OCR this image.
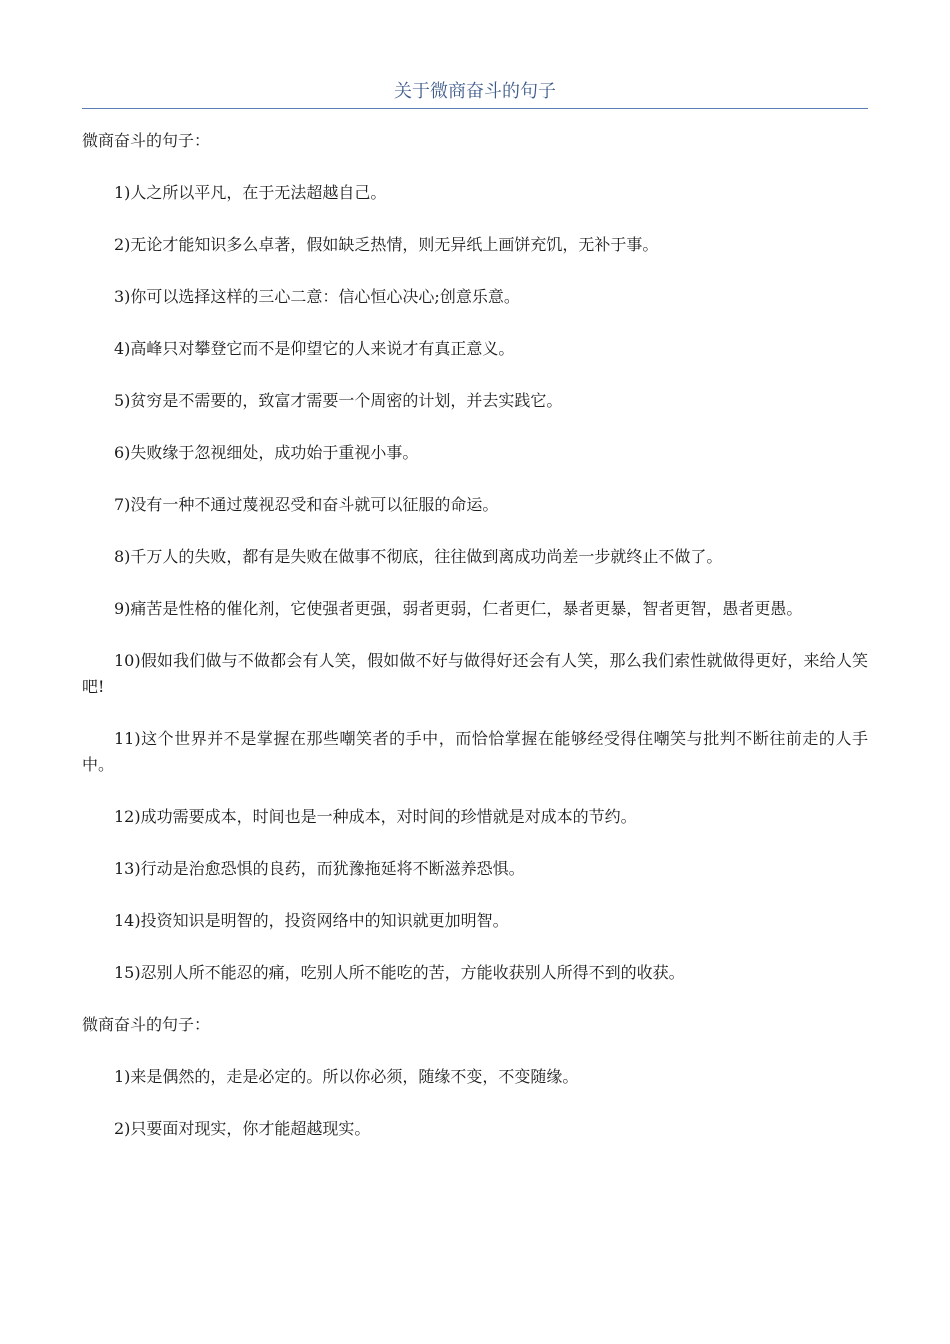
关于微商奋斗的句子

微商奋斗的句子：

1)人之所以平凡，在于无法超越自己。
2)无论才能知识多么卓著，假如缺乏热情，则无异纸上画饼充饥，无补于事。
3)你可以选择这样的三心二意：信心恒心决心;创意乐意。
4)高峰只对攀登它而不是仰望它的人来说才有真正意义。
5)贫穷是不需要的，致富才需要一个周密的计划，并去实践它。
6)失败缘于忽视细处，成功始于重视小事。
7)没有一种不通过蔑视忍受和奋斗就可以征服的命运。
8)千万人的失败，都有是失败在做事不彻底，往往做到离成功尚差一步就终止不做了。
9)痛苦是性格的催化剂，它使强者更强，弱者更弱，仁者更仁，暴者更暴，智者更智，愚者更愚。
10)假如我们做与不做都会有人笑，假如做不好与做得好还会有人笑，那么我们索性就做得更好，来给人笑吧!
11)这个世界并不是掌握在那些嘲笑者的手中，而恰恰掌握在能够经受得住嘲笑与批判不断往前走的人手中。
12)成功需要成本，时间也是一种成本，对时间的珍惜就是对成本的节约。
13)行动是治愈恐惧的良药，而犹豫拖延将不断滋养恐惧。
14)投资知识是明智的，投资网络中的知识就更加明智。
15)忍别人所不能忍的痛，吃别人所不能吃的苦，方能收获别人所得不到的收获。

微商奋斗的句子：

1)来是偶然的，走是必定的。所以你必须，随缘不变，不变随缘。
2)只要面对现实，你才能超越现实。
